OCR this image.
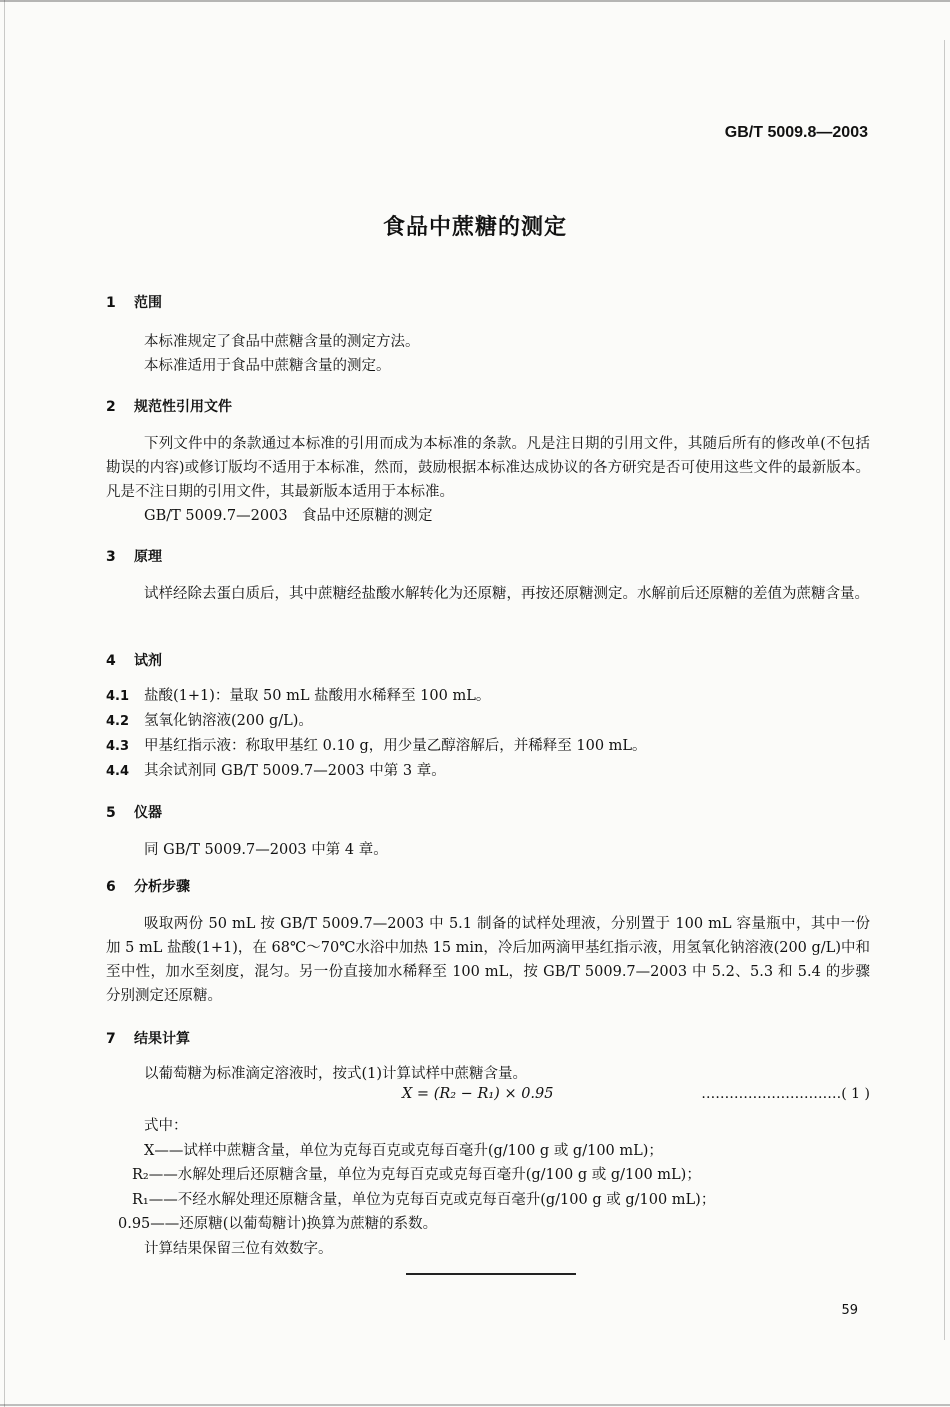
GB/T 5009.8—2003
食品中蔗糖的测定
1 范围

本标准规定了食品中蔗糖含量的测定方法。

本标准适用于食品中蔗糖含量的测定。

2 规范性引用文件

下列文件中的条款通过本标准的引用而成为本标准的条款。凡是注日期的引用文件，其随后所有的修改单(不包括勘误的内容)或修订版均不适用于本标准，然而，鼓励根据本标准达成协议的各方研究是否可使用这些文件的最新版本。凡是不注日期的引用文件，其最新版本适用于本标准。

GB/T 5009.7—2003　食品中还原糖的测定

3 原理

试样经除去蛋白质后，其中蔗糖经盐酸水解转化为还原糖，再按还原糖测定。水解前后还原糖的差值为蔗糖含量。

4 试剂

4.1 盐酸(1+1)：量取 50 mL 盐酸用水稀释至 100 mL。

4.2 氢氧化钠溶液(200 g/L)。

4.3 甲基红指示液：称取甲基红 0.10 g，用少量乙醇溶解后，并稀释至 100 mL。

4.4 其余试剂同 GB/T 5009.7—2003 中第 3 章。

5 仪器

同 GB/T 5009.7—2003 中第 4 章。

6 分析步骤

吸取两份 50 mL 按 GB/T 5009.7—2003 中 5.1 制备的试样处理液，分别置于 100 mL 容量瓶中，其中一份加 5 mL 盐酸(1+1)，在 68℃～70℃水浴中加热 15 min，冷后加两滴甲基红指示液，用氢氧化钠溶液(200 g/L)中和至中性，加水至刻度，混匀。另一份直接加水稀释至 100 mL，按 GB/T 5009.7—2003 中 5.2、5.3 和 5.4 的步骤分别测定还原糖。

7 结果计算

以葡萄糖为标准滴定溶液时，按式(1)计算试样中蔗糖含量。

X = (R₂ − R₁) × 0.95	…………………………( 1 )

式中：

X——试样中蔗糖含量，单位为克每百克或克每百毫升(g/100 g 或 g/100 mL)；

R₂——水解处理后还原糖含量，单位为克每百克或克每百毫升(g/100 g 或 g/100 mL)；

R₁——不经水解处理还原糖含量，单位为克每百克或克每百毫升(g/100 g 或 g/100 mL)；

0.95——还原糖(以葡萄糖计)换算为蔗糖的系数。

计算结果保留三位有效数字。

59
